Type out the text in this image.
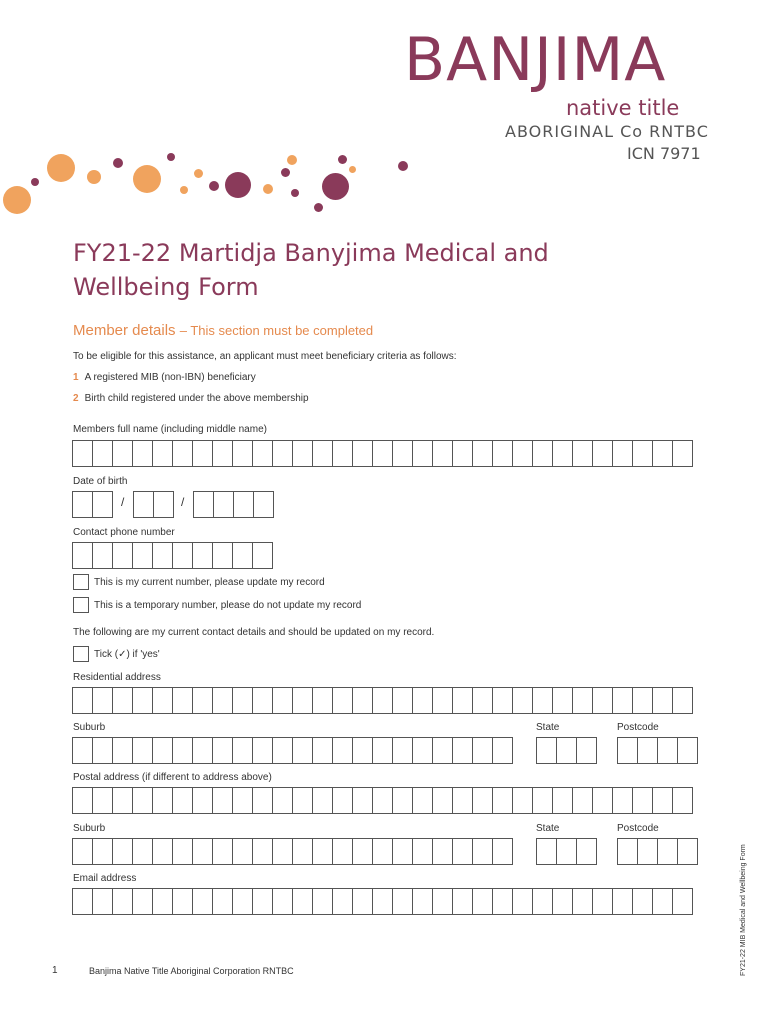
BANJIMA
native title
ABORIGINAL Co RNTBC
ICN 7971
FY21-22 Martidja Banyjima Medical and Wellbeing Form
Member details – This section must be completed
To be eligible for this assistance, an applicant must meet beneficiary criteria as follows:
1 A registered MIB (non-IBN) beneficiary
2 Birth child registered under the above membership
Members full name (including middle name)
Date of birth
/	/
Contact phone number
This is my current number, please update my record
This is a temporary number, please do not update my record
The following are my current contact details and should be updated on my record.
Tick (✓) if 'yes'
Residential address
Suburb	State	Postcode
Postal address (if different to address above)
Suburb	State	Postcode
Email address
1	Banjima Native Title Aboriginal Corporation RNTBC	FY21-22 MIB Medical and Wellbeing Form
